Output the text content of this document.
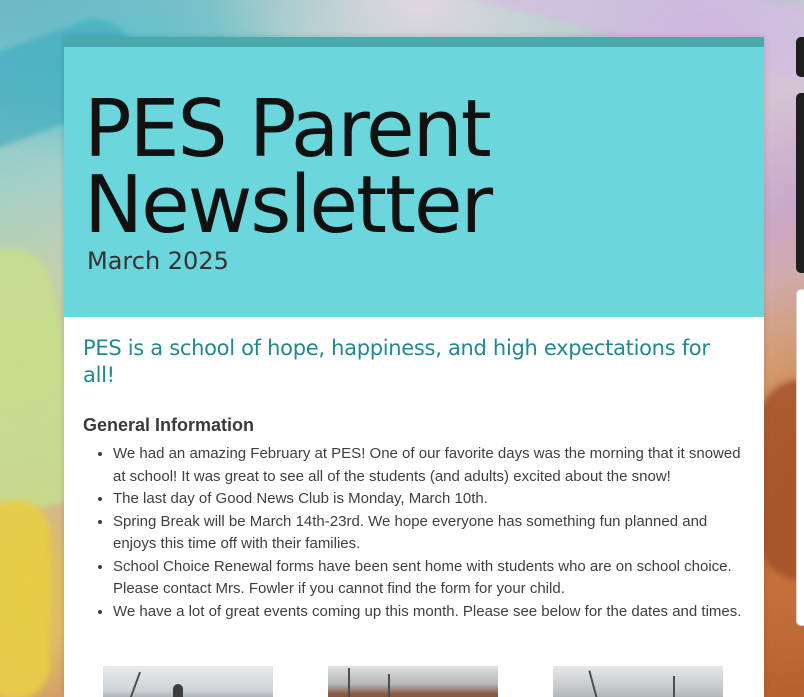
PES Parent Newsletter
March 2025
PES is a school of hope, happiness, and high expectations for all!
General Information
• We had an amazing February at PES! One of our favorite days was the morning that it snowed at school! It was great to see all of the students (and adults) excited about the snow!
• The last day of Good News Club is Monday, March 10th.
• Spring Break will be March 14th-23rd. We hope everyone has something fun planned and enjoys this time off with their families.
• School Choice Renewal forms have been sent home with students who are on school choice. Please contact Mrs. Fowler if you cannot find the form for your child.
• We have a lot of great events coming up this month. Please see below for the dates and times.
